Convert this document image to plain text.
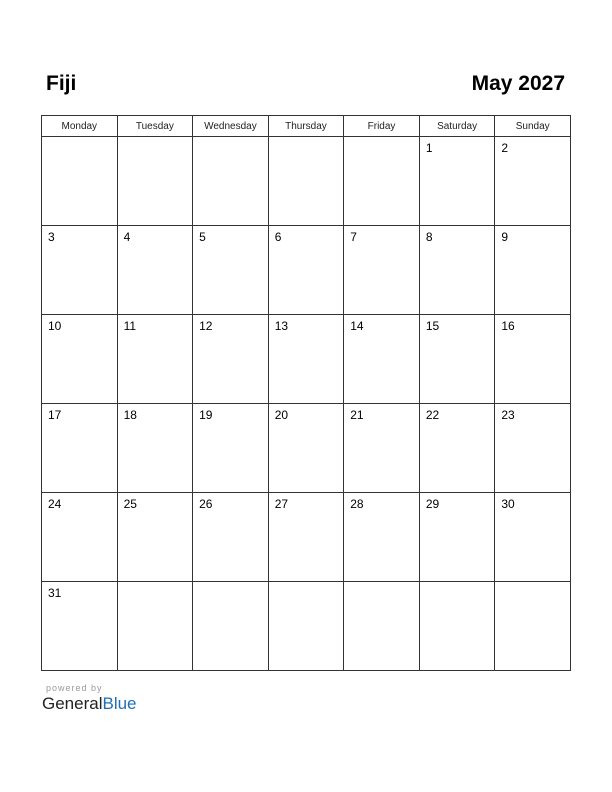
Fiji	May 2027
Monday	Tuesday	Wednesday	Thursday	Friday	Saturday	Sunday

					1	2

3	4	5	6	7	8	9

10	11	12	13	14	15	16

17	18	19	20	21	22	23

24	25	26	27	28	29	30

31						

powered by
GeneralBlue
